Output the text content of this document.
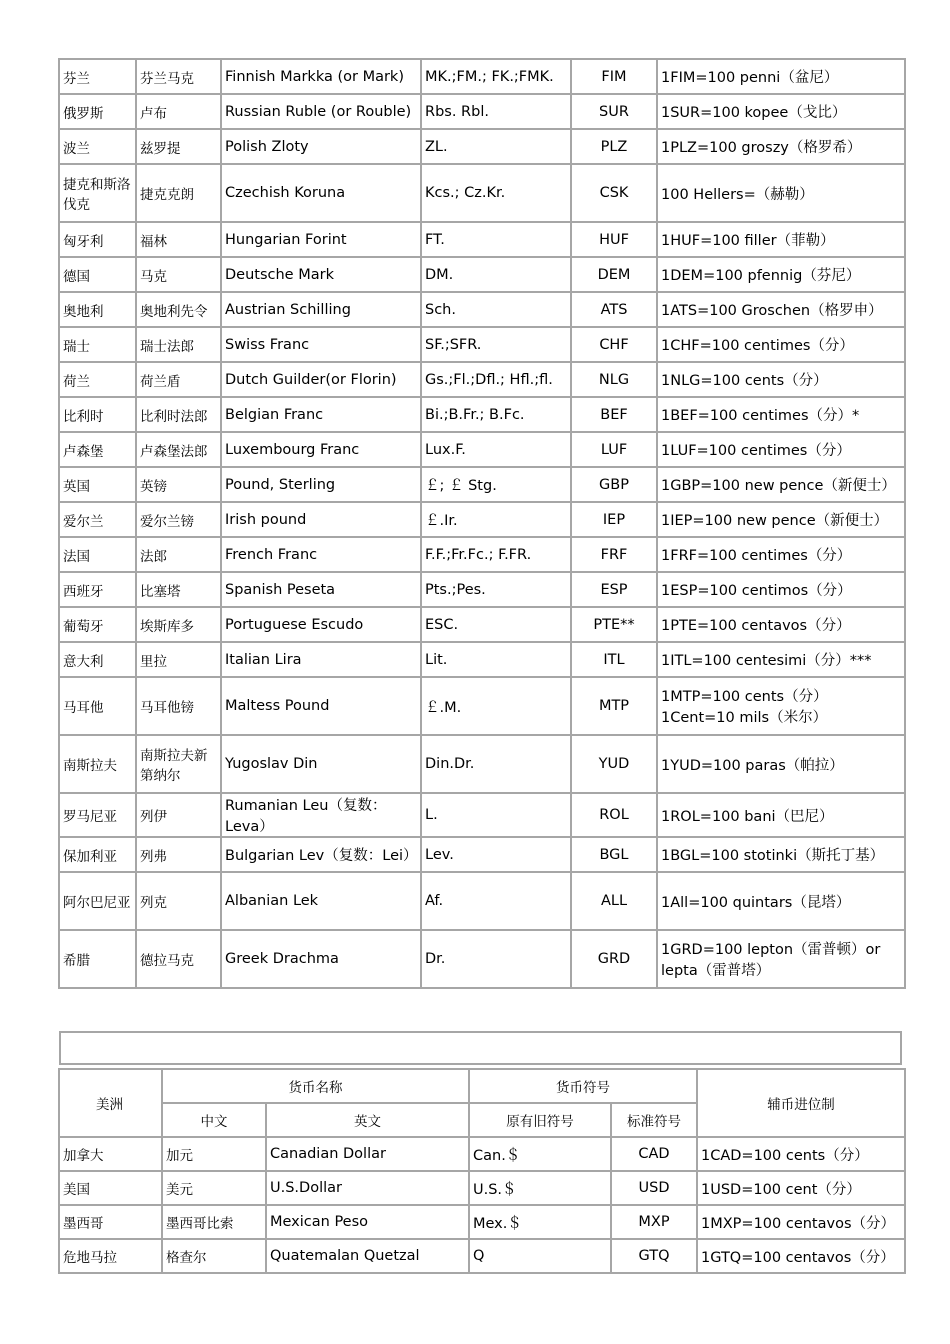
芬兰	芬兰马克	Finnish Markka (or Mark)	MK.;FM.; FK.;FMK.	FIM	1FIM=100 penni（盆尼）
俄罗斯	卢布	Russian Ruble (or Rouble)	Rbs. Rbl.	SUR	1SUR=100 kopee（戈比）
波兰	兹罗提	Polish Zloty	ZL.	PLZ	1PLZ=100 groszy（格罗希）
捷克和斯洛伐克	捷克克朗	Czechish Koruna	Kcs.; Cz.Kr.	CSK	100 Hellers=（赫勒）
匈牙利	福林	Hungarian Forint	FT.	HUF	1HUF=100 filler（菲勒）
德国	马克	Deutsche Mark	DM.	DEM	1DEM=100 pfennig（芬尼）
奥地利	奥地利先令	Austrian Schilling	Sch.	ATS	1ATS=100 Groschen（格罗申）
瑞士	瑞士法郎	Swiss Franc	SF.;SFR.	CHF	1CHF=100 centimes（分）
荷兰	荷兰盾	Dutch Guilder(or Florin)	Gs.;Fl.;Dfl.; Hfl.;fl.	NLG	1NLG=100 cents（分）
比利时	比利时法郎	Belgian Franc	Bi.;B.Fr.; B.Fc.	BEF	1BEF=100 centimes（分）*
卢森堡	卢森堡法郎	Luxembourg Franc	Lux.F.	LUF	1LUF=100 centimes（分）
英国	英镑	Pound, Sterling	￡; ￡ Stg.	GBP	1GBP=100 new pence（新便士）
爱尔兰	爱尔兰镑	Irish pound	￡.Ir.	IEP	1IEP=100 new pence（新便士）
法国	法郎	French Franc	F.F.;Fr.Fc.; F.FR.	FRF	1FRF=100 centimes（分）
西班牙	比塞塔	Spanish Peseta	Pts.;Pes.	ESP	1ESP=100 centimos（分）
葡萄牙	埃斯库多	Portuguese Escudo	ESC.	PTE**	1PTE=100 centavos（分）
意大利	里拉	Italian Lira	Lit.	ITL	1ITL=100 centesimi（分）***
马耳他	马耳他镑	Maltess Pound	￡.M.	MTP	1MTP=100 cents（分）1Cent=10 mils（米尔）
南斯拉夫	南斯拉夫新第纳尔	Yugoslav Din	Din.Dr.	YUD	1YUD=100 paras（帕拉）
罗马尼亚	列伊	Rumanian Leu（复数：Leva）	L.	ROL	1ROL=100 bani（巴尼）
保加利亚	列弗	Bulgarian Lev（复数：Lei）	Lev.	BGL	1BGL=100 stotinki（斯托丁基）
阿尔巴尼亚	列克	Albanian Lek	Af.	ALL	1All=100 quintars（昆塔）
希腊	德拉马克	Greek Drachma	Dr.	GRD	1GRD=100 lepton（雷普顿）or lepta（雷普塔）
美洲	货币名称		货币符号		辅币进位制
	中文	英文	原有旧符号	标准符号	
加拿大	加元	Canadian Dollar	Can.＄	CAD	1CAD=100 cents（分）
美国	美元	U.S.Dollar	U.S.＄	USD	1USD=100 cent（分）
墨西哥	墨西哥比索	Mexican Peso	Mex.＄	MXP	1MXP=100 centavos（分）
危地马拉	格查尔	Quatemalan Quetzal	Q	GTQ	1GTQ=100 centavos（分）
